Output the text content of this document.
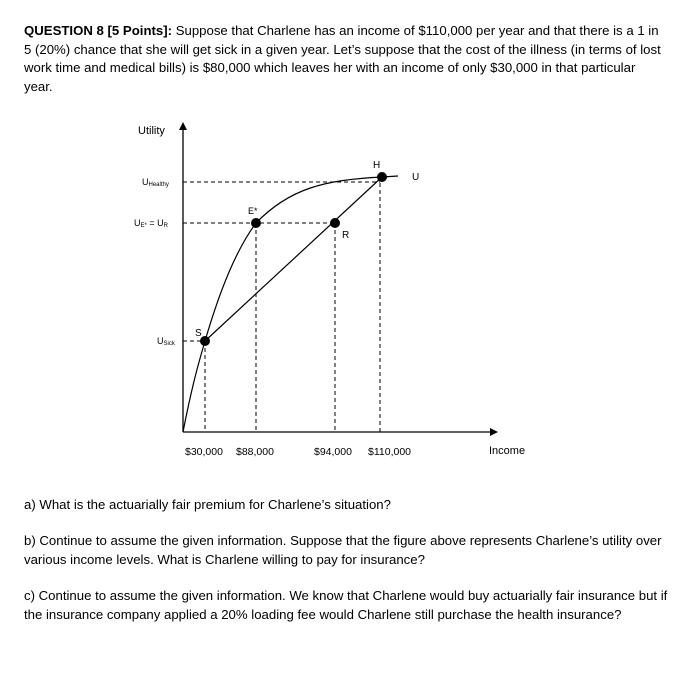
QUESTION 8 [5 Points]: Suppose that Charlene has an income of $110,000 per year and that there is a 1 in 5 (20%) chance that she will get sick in a given year. Let’s suppose that the cost of the illness (in terms of lost work time and medical bills) is $80,000 which leaves her with an income of only $30,000 in that particular year.
S
E*
R
H
U
Utility
Income
UHealthy
UE* = UR
USick
$30,000 $88,000	$94,000 $110,000
a) What is the actuarially fair premium for Charlene’s situation?
b) Continue to assume the given information. Suppose that the figure above represents Charlene’s utility over various income levels. What is Charlene willing to pay for insurance?
c) Continue to assume the given information. We know that Charlene would buy actuarially fair insurance but if the insurance company applied a 20% loading fee would Charlene still purchase the health insurance?
